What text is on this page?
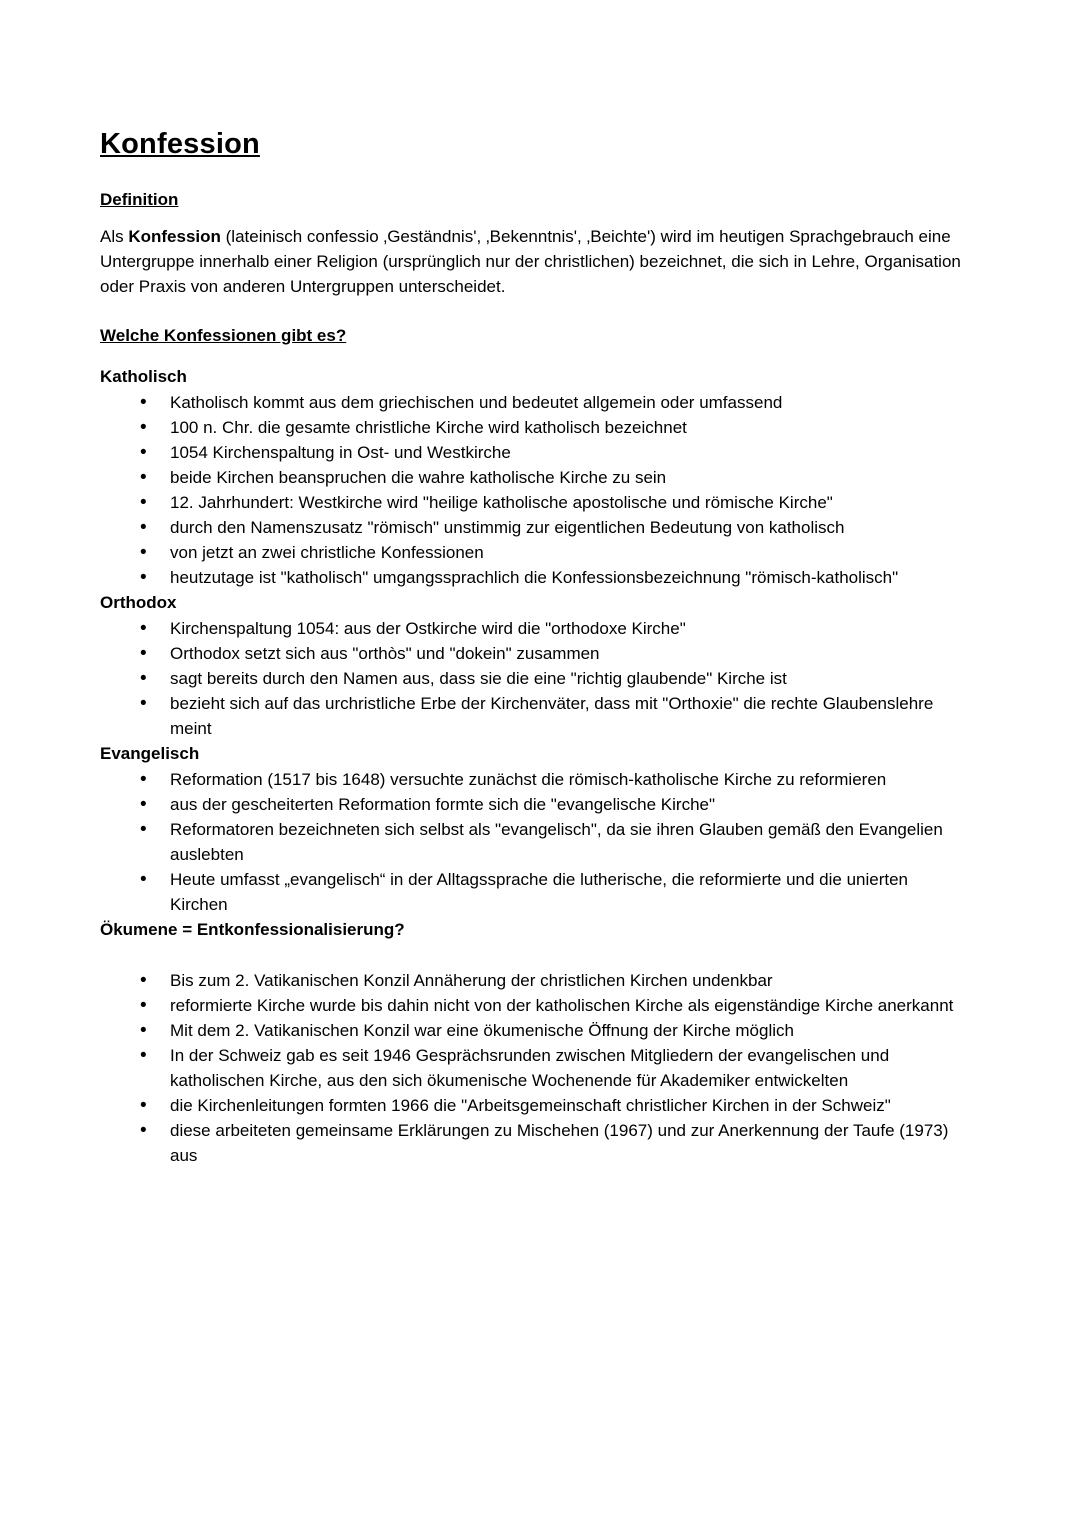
Konfession
Definition

Als Konfession (lateinisch confessio ‚Geständnis', ‚Bekenntnis', ‚Beichte') wird im heutigen Sprachgebrauch eine Untergruppe innerhalb einer Religion (ursprünglich nur der christlichen) bezeichnet, die sich in Lehre, Organisation oder Praxis von anderen Untergruppen unterscheidet.

Welche Konfessionen gibt es?
Katholisch
• Katholisch kommt aus dem griechischen und bedeutet allgemein oder umfassend
• 100 n. Chr. die gesamte christliche Kirche wird katholisch bezeichnet
• 1054 Kirchenspaltung in Ost- und Westkirche
• beide Kirchen beanspruchen die wahre katholische Kirche zu sein
• 12. Jahrhundert: Westkirche wird "heilige katholische apostolische und römische Kirche"
• durch den Namenszusatz "römisch" unstimmig zur eigentlichen Bedeutung von katholisch
• von jetzt an zwei christliche Konfessionen
• heutzutage ist "katholisch" umgangssprachlich die Konfessionsbezeichnung "römisch-katholisch"
Orthodox
• Kirchenspaltung 1054: aus der Ostkirche wird die "orthodoxe Kirche"
• Orthodox setzt sich aus "orthòs" und "dokein" zusammen
• sagt bereits durch den Namen aus, dass sie die eine "richtig glaubende" Kirche ist
• bezieht sich auf das urchristliche Erbe der Kirchenväter, dass mit "Orthoxie" die rechte Glaubenslehre meint
Evangelisch
• Reformation (1517 bis 1648) versuchte zunächst die römisch-katholische Kirche zu reformieren
• aus der gescheiterten Reformation formte sich die "evangelische Kirche"
• Reformatoren bezeichneten sich selbst als "evangelisch", da sie ihren Glauben gemäß den Evangelien auslebten
• Heute umfasst „evangelisch“ in der Alltagssprache die lutherische, die reformierte und die unierten Kirchen
Ökumene = Entkonfessionalisierung?
• Bis zum 2. Vatikanischen Konzil Annäherung der christlichen Kirchen undenkbar
• reformierte Kirche wurde bis dahin nicht von der katholischen Kirche als eigenständige Kirche anerkannt
• Mit dem 2. Vatikanischen Konzil war eine ökumenische Öffnung der Kirche möglich
• In der Schweiz gab es seit 1946 Gesprächsrunden zwischen Mitgliedern der evangelischen und katholischen Kirche, aus den sich ökumenische Wochenende für Akademiker entwickelten
• die Kirchenleitungen formten 1966 die "Arbeitsgemeinschaft christlicher Kirchen in der Schweiz"
• diese arbeiteten gemeinsame Erklärungen zu Mischehen (1967) und zur Anerkennung der Taufe (1973) aus
